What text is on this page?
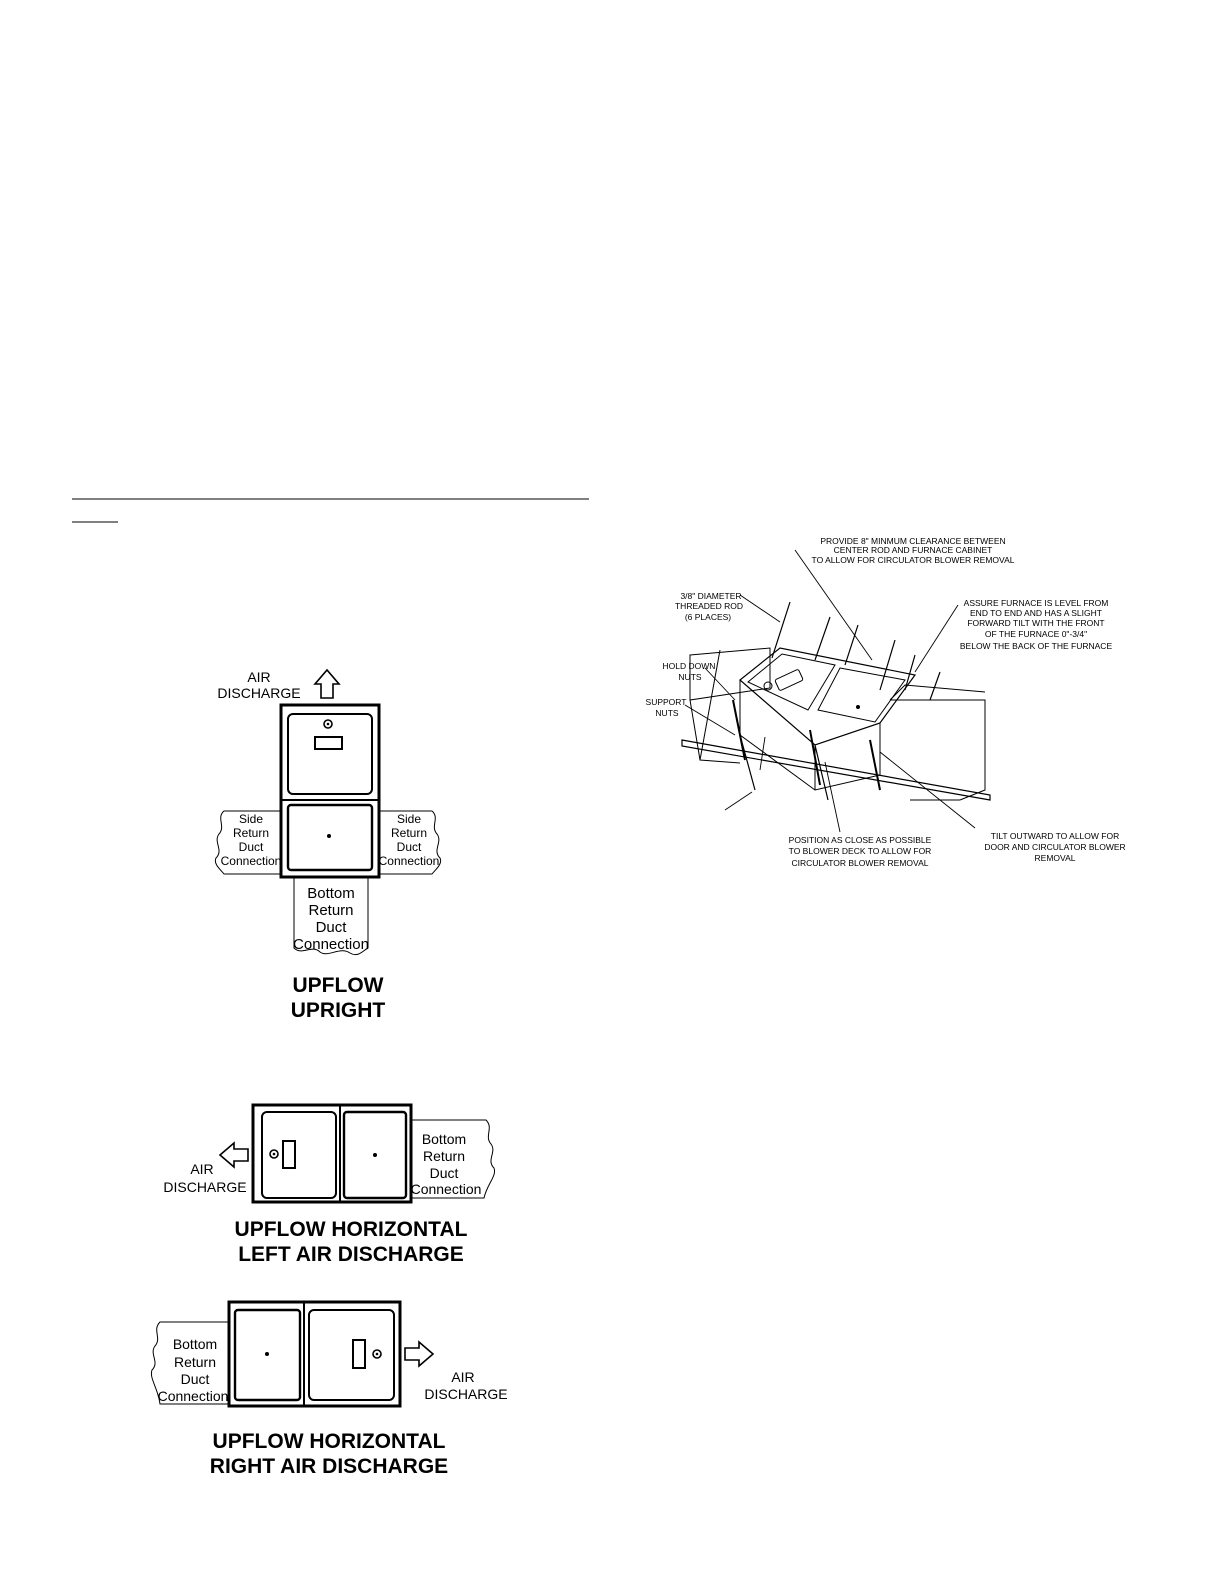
AIR
DISCHARGE
Side
Return
Duct
Connection
Side
Return
Duct
Connection
Bottom
Return
Duct
Connection
UPFLOW
UPRIGHT
AIR
DISCHARGE
Bottom
Return
Duct
Connection
UPFLOW HORIZONTAL
LEFT AIR DISCHARGE
Bottom
Return
Duct
Connection
AIR
DISCHARGE
UPFLOW HORIZONTAL
RIGHT AIR DISCHARGE
PROVIDE 8" MINMUM CLEARANCE BETWEEN
CENTER ROD AND FURNACE CABINET
TO ALLOW FOR CIRCULATOR BLOWER REMOVAL
3/8" DIAMETER
THREADED ROD
(6 PLACES)
ASSURE FURNACE IS LEVEL FROM
END TO END AND HAS A SLIGHT
FORWARD TILT WITH THE FRONT
OF THE FURNACE 0"-3/4"
BELOW THE BACK OF THE FURNACE
HOLD DOWN
NUTS
SUPPORT
NUTS
POSITION AS CLOSE AS POSSIBLE
TO BLOWER DECK TO ALLOW FOR
CIRCULATOR BLOWER REMOVAL
TILT OUTWARD TO ALLOW FOR
DOOR AND CIRCULATOR BLOWER
REMOVAL
